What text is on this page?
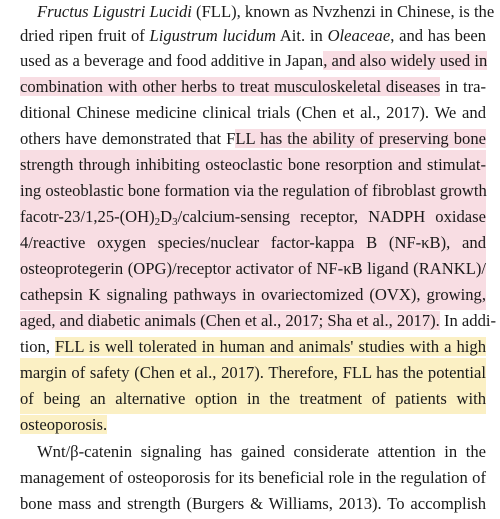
Fructus Ligustri Lucidi (FLL), known as Nvzhenzi in Chinese, is the
dried ripen fruit of Ligustrum lucidum Ait. in Oleaceae, and has been
used as a beverage and food additive in Japan, and also widely used in
combination with other herbs to treat musculoskeletal diseases in tra-
ditional Chinese medicine clinical trials (Chen et al., 2017). We and
others have demonstrated that FLL has the ability of preserving bone
strength through inhibiting osteoclastic bone resorption and stimulat-
ing osteoblastic bone formation via the regulation of fibroblast growth
facotr-$23/1,25-(OH)_2D_3/calcium$-sensing receptor, NADPH oxidase
4/reactive oxygen species/nuclear factor-kappa B (NF-κB), and
osteoprotegerin (OPG)/receptor activator of NF-κB ligand (RANKL)/
cathepsin K signaling pathways in ovariectomized (OVX), growing,
aged, and diabetic animals (Chen et al., 2017; Sha et al., 2017). In addi-
tion, FLL is well tolerated in human and animals' studies with a high
margin of safety (Chen et al., 2017). Therefore, FLL has the potential
of being an alternative option in the treatment of patients with
osteoporosis.
Wnt/β-catenin signaling has gained considerate attention in the
management of osteoporosis for its beneficial role in the regulation of
bone mass and strength (Burgers & Williams, 2013). To accomplish
